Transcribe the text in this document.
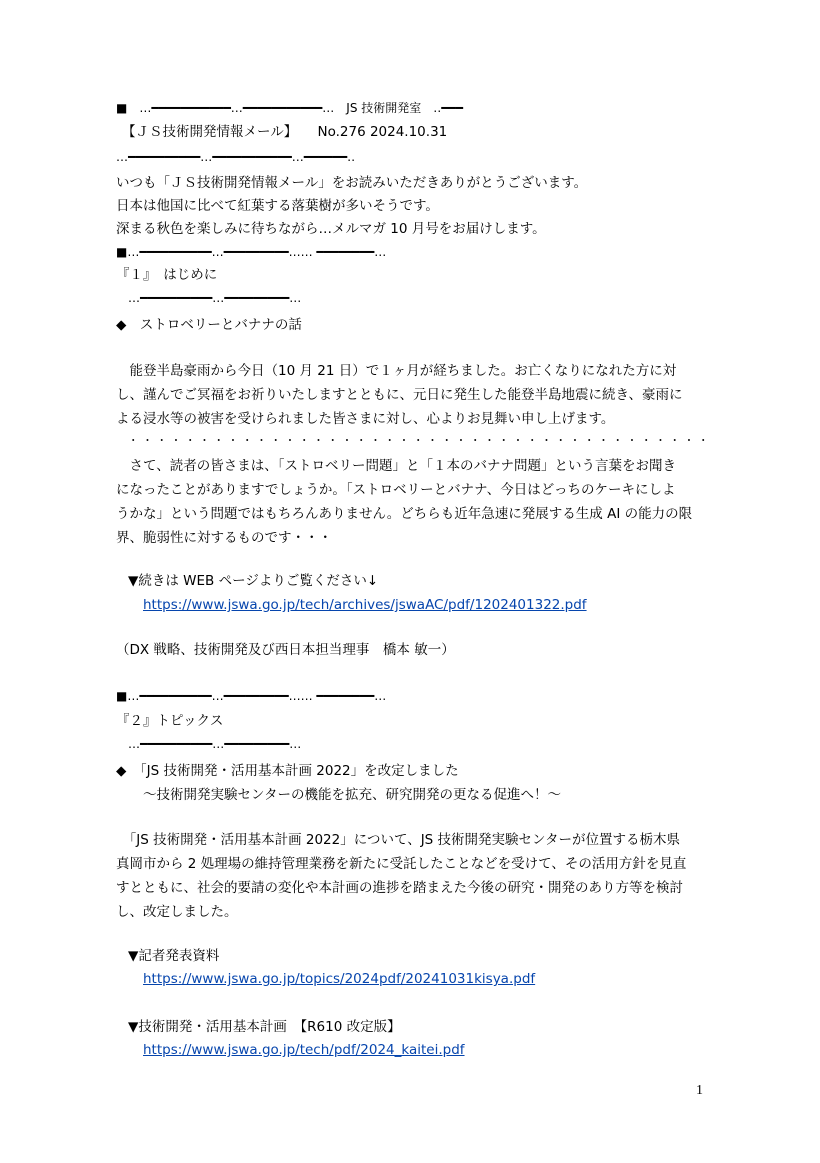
■　…━━━━━━━━━━━…━━━━━━━━━━━…　JS 技術開発室　‥━━━
【ＪＳ技術開発情報メール】　　No.276 2024.10.31
…━━━━━━━━━━…━━━━━━━━━━━…━━━━━━‥
いつも「ＪＳ技術開発情報メール」をお読みいただきありがとうございます。
日本は他国に比べて紅葉する落葉樹が多いそうです。
深まる秋色を楽しみに待ちながら…メルマガ 10 月号をお届けします。
■…━━━━━━━━━━…━━━━━━━━━…… ━━━━━━━━…
『１』　はじめに
…━━━━━━━━━━…━━━━━━━━━…
◆　ストロベリーとバナナの話
　能登半島豪雨から今日（10 月 21 日）で１ヶ月が経ちました。お亡くなりになれた方に対
し、謹んでご冥福をお祈りいたしますとともに、元日に発生した能登半島地震に続き、豪雨に
よる浸水等の被害を受けられました皆さまに対し、心よりお見舞い申し上げます。
・・・・・・・・・・・・・・・・・・・・・・・・・・・・・・・・・・・・・・・・・
　さて、読者の皆さまは、「ストロベリー問題」と「１本のバナナ問題」という言葉をお聞き
になったことがありますでしょうか。「ストロベリーとバナナ、今日はどっちのケーキにしよ
うかな」という問題ではもちろんありません。どちらも近年急速に発展する生成 AI の能力の限
界、脆弱性に対するものです・・・
▼続きは WEB ページよりご覧ください↓
https://www.jswa.go.jp/tech/archives/jswaAC/pdf/1202401322.pdf
（DX 戦略、技術開発及び西日本担当理事　橋本 敏一）
■…━━━━━━━━━━…━━━━━━━━━…… ━━━━━━━━…
『２』トピックス
…━━━━━━━━━━…━━━━━━━━━…
◆　「JS 技術開発・活用基本計画 2022」を改定しました
～技術開発実験センターの機能を拡充、研究開発の更なる促進へ！～
　「JS 技術開発・活用基本計画 2022」について、JS 技術開発実験センターが位置する栃木県
真岡市から 2 処理場の維持管理業務を新たに受託したことなどを受けて、その活用方針を見直
すとともに、社会的要請の変化や本計画の進捗を踏まえた今後の研究・開発のあり方等を検討
し、改定しました。
▼記者発表資料
https://www.jswa.go.jp/topics/2024pdf/20241031kisya.pdf
▼技術開発・活用基本計画　【R610 改定版】
https://www.jswa.go.jp/tech/pdf/2024_kaitei.pdf
1
